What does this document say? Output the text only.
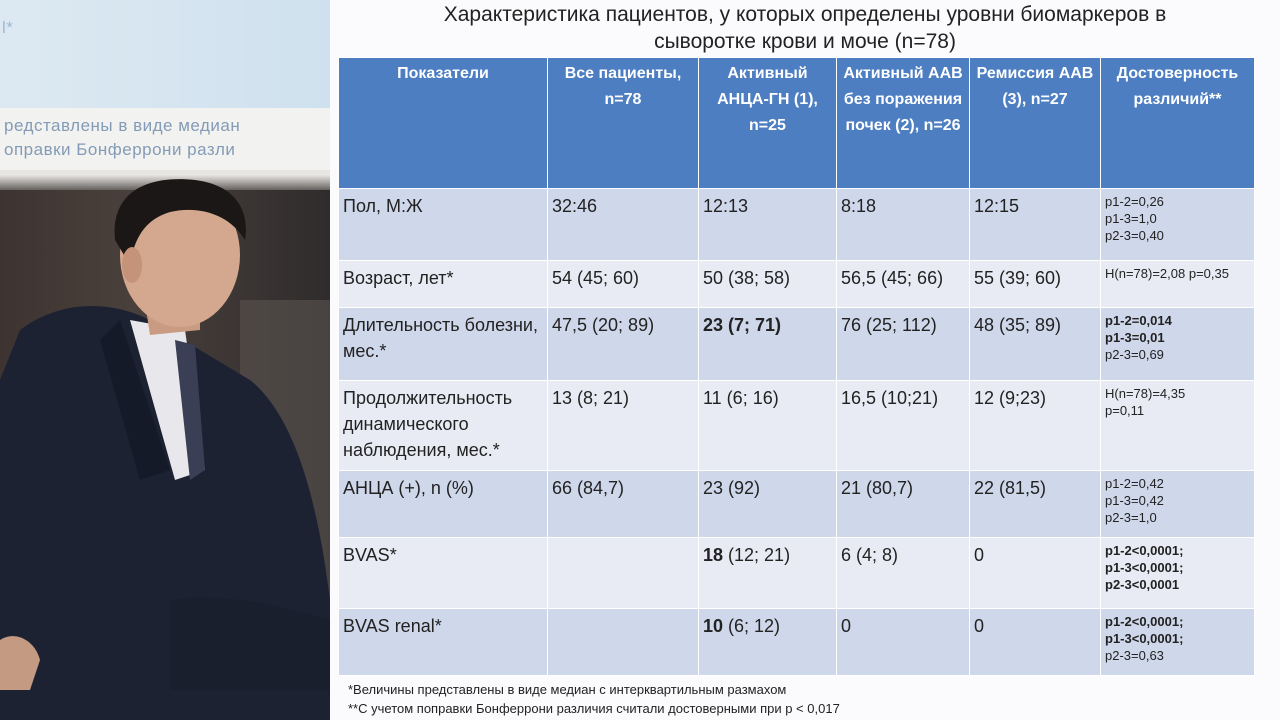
l*
редставлены в виде медиан
оправки Бонферрони разли
Характеристика пациентов, у которых определены уровни биомаркеров в
сыворотке крови и моче (n=78)
Показатели	Все пациенты, n=78	Активный АНЦА-ГН (1), n=25	Активный ААВ без поражения почек (2), n=26	Ремиссия ААВ (3), n=27	Достоверность различий**
Пол, М:Ж	32:46	12:13	8:18	12:15	p1-2=0,26
p1-3=1,0
p2-3=0,40

Возраст, лет*	54 (45; 60)	50 (38; 58)	56,5 (45; 66)	55 (39; 60)	H(n=78)=2,08 p=0,35

Длительность болезни, мес.*	47,5 (20; 89)	23 (7; 71)	76 (25; 112)	48 (35; 89)	p1-2=0,014
p1-3=0,01
p2-3=0,69

Продолжительность динамического наблюдения, мес.*	13 (8; 21)	11 (6; 16)	16,5 (10;21)	12 (9;23)	H(n=78)=4,35
p=0,11

АНЦА (+), n (%)	66 (84,7)	23 (92)	21 (80,7)	22 (81,5)	p1-2=0,42
p1-3=0,42
p2-3=1,0

BVAS*		18 (12; 21)	6 (4; 8)	0	p1-2<0,0001;
p1-3<0,0001;
p2-3<0,0001

BVAS renal*		10 (6; 12)	0	0	p1-2<0,0001;
p1-3<0,0001;
p2-3=0,63
*Величины представлены в виде медиан с интерквартильным размахом
**С учетом поправки Бонферрони различия считали достоверными при p < 0,017
